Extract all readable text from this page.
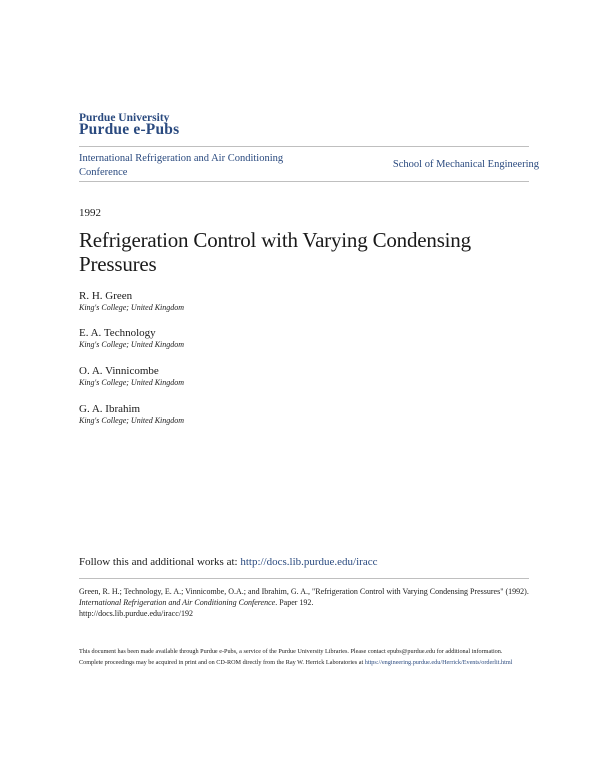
Purdue University
Purdue e-Pubs
International Refrigeration and Air Conditioning Conference
School of Mechanical Engineering
1992
Refrigeration Control with Varying Condensing Pressures
R. H. Green
King's College; United Kingdom
E. A. Technology
King's College; United Kingdom
O. A. Vinnicombe
King's College; United Kingdom
G. A. Ibrahim
King's College; United Kingdom
Follow this and additional works at: http://docs.lib.purdue.edu/iracc
Green, R. H.; Technology, E. A.; Vinnicombe, O.A.; and Ibrahim, G. A., "Refrigeration Control with Varying Condensing Pressures" (1992). International Refrigeration and Air Conditioning Conference. Paper 192.
http://docs.lib.purdue.edu/iracc/192
This document has been made available through Purdue e-Pubs, a service of the Purdue University Libraries. Please contact epubs@purdue.edu for additional information.
Complete proceedings may be acquired in print and on CD-ROM directly from the Ray W. Herrick Laboratories at https://engineering.purdue.edu/Herrick/Events/orderlit.html
